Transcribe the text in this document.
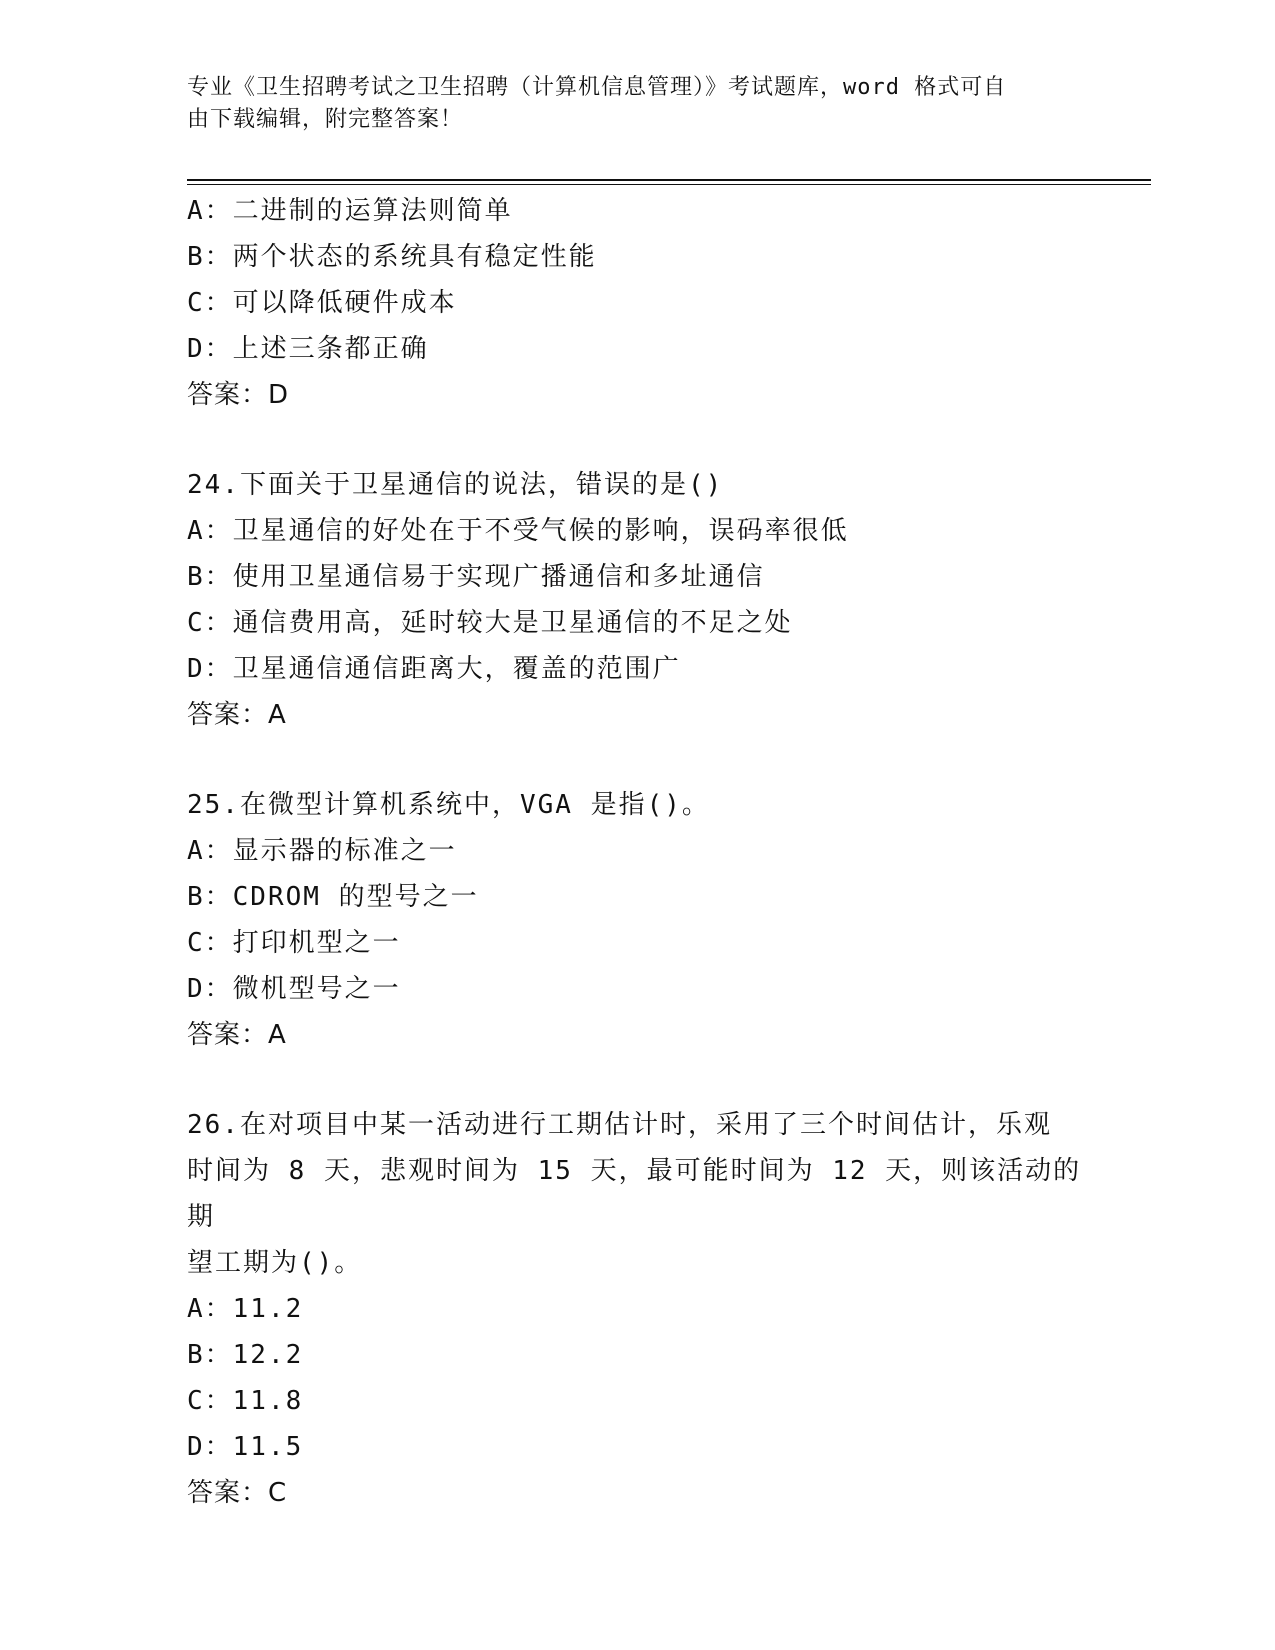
专业《卫生招聘考试之卫生招聘（计算机信息管理）》考试题库，word 格式可自
由下载编辑，附完整答案！
A：二进制的运算法则简单
B：两个状态的系统具有稳定性能
C：可以降低硬件成本
D：上述三条都正确
答案：D
24.下面关于卫星通信的说法，错误的是()
A：卫星通信的好处在于不受气候的影响，误码率很低
B：使用卫星通信易于实现广播通信和多址通信
C：通信费用高，延时较大是卫星通信的不足之处
D：卫星通信通信距离大，覆盖的范围广
答案：A
25.在微型计算机系统中，VGA 是指()。
A：显示器的标准之一
B：CDROM 的型号之一
C：打印机型之一
D：微机型号之一
答案：A
26.在对项目中某一活动进行工期估计时，采用了三个时间估计，乐观
时间为 8 天，悲观时间为 15 天，最可能时间为 12 天，则该活动的期
望工期为()。
A：11.2
B：12.2
C：11.8
D：11.5
答案：C
